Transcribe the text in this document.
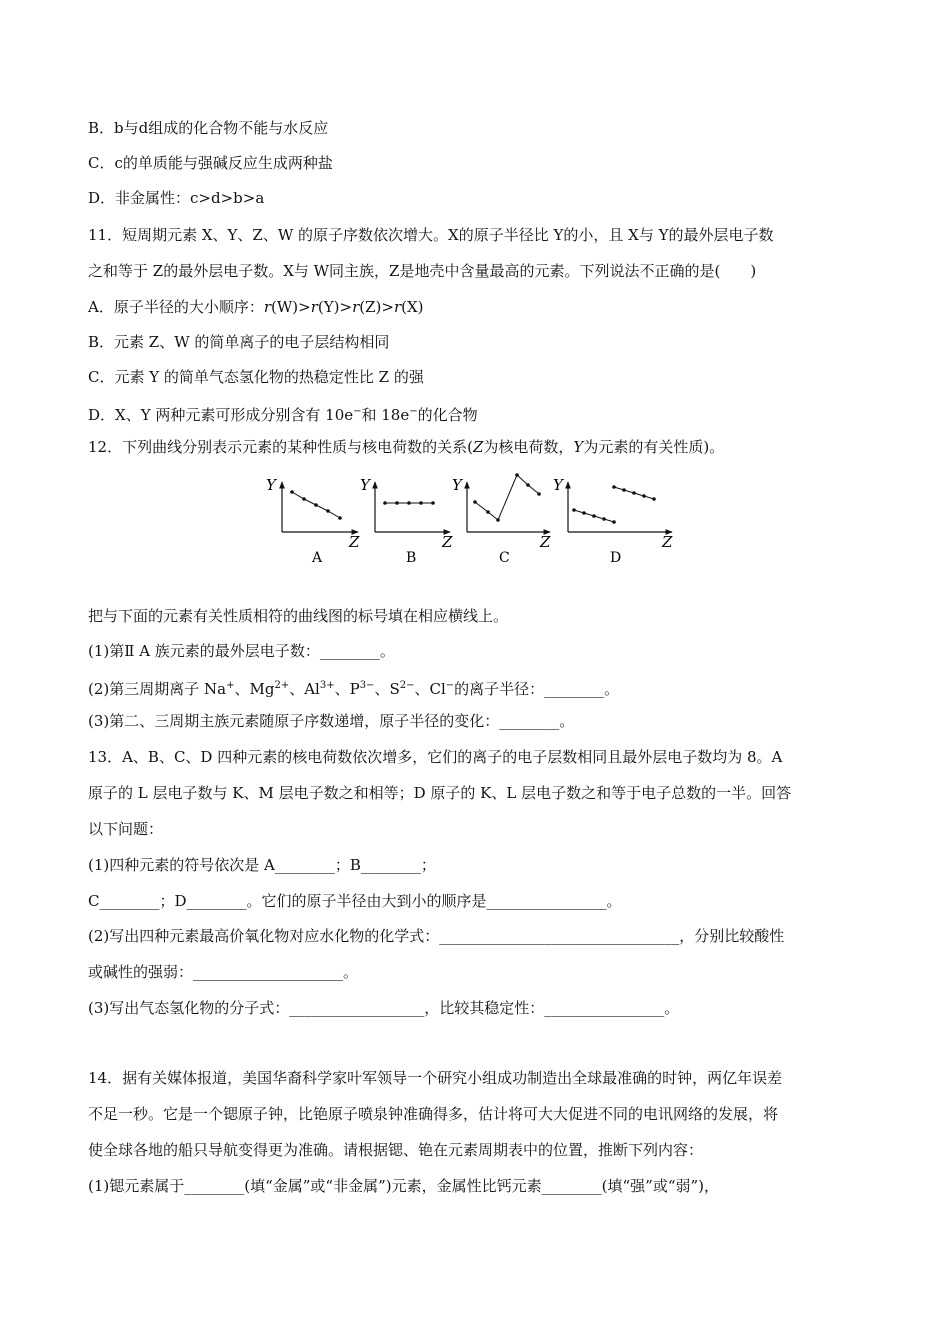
B．b与d组成的化合物不能与水反应
C．c的单质能与强碱反应生成两种盐
D．非金属性：c>d>b>a
11．短周期元素 X、Y、Z、W 的原子序数依次增大。X的原子半径比 Y的小，且 X与 Y的最外层电子数
之和等于 Z的最外层电子数。X与 W同主族，Z是地壳中含量最高的元素。下列说法不正确的是(　　)
A．原子半径的大小顺序：r(W)>r(Y)>r(Z)>r(X)
B．元素 Z、W 的简单离子的电子层结构相同
C．元素 Y 的简单气态氢化物的热稳定性比 Z 的强
D．X、Y 两种元素可形成分别含有 10e−和 18e−的化合物
12．下列曲线分别表示元素的某种性质与核电荷数的关系(Z为核电荷数，Y为元素的有关性质)。
Y
Z
A
Y
Z
B
Y
Z
C
Y
Z
D
把与下面的元素有关性质相符的曲线图的标号填在相应横线上。
(1)第Ⅱ A 族元素的最外层电子数：________。
(2)第三周期离子 Na+、$Mg^{2+}$、$Al^{3+}$、$P^{3-}$、$S^{2-}$、Cl−的离子半径：________。
(3)第二、三周期主族元素随原子序数递增，原子半径的变化：________。
13．A、B、C、D 四种元素的核电荷数依次增多，它们的离子的电子层数相同且最外层电子数均为 8。A
原子的 L 层电子数与 K、M 层电子数之和相等；D 原子的 K、L 层电子数之和等于电子总数的一半。回答
以下问题：
(1)四种元素的符号依次是 A________；B________；
C________；D________。它们的原子半径由大到小的顺序是________________。
(2)写出四种元素最高价氧化物对应水化物的化学式：________________________________，分别比较酸性
或碱性的强弱：____________________。
(3)写出气态氢化物的分子式：__________________，比较其稳定性：________________。
14．据有关媒体报道，美国华裔科学家叶军领导一个研究小组成功制造出全球最准确的时钟，两亿年误差
不足一秒。它是一个锶原子钟，比铯原子喷泉钟准确得多，估计将可大大促进不同的电讯网络的发展，将
使全球各地的船只导航变得更为准确。请根据锶、铯在元素周期表中的位置，推断下列内容：
(1)锶元素属于________(填“金属”或“非金属”)元素，金属性比钙元素________(填“强”或“弱”)，
